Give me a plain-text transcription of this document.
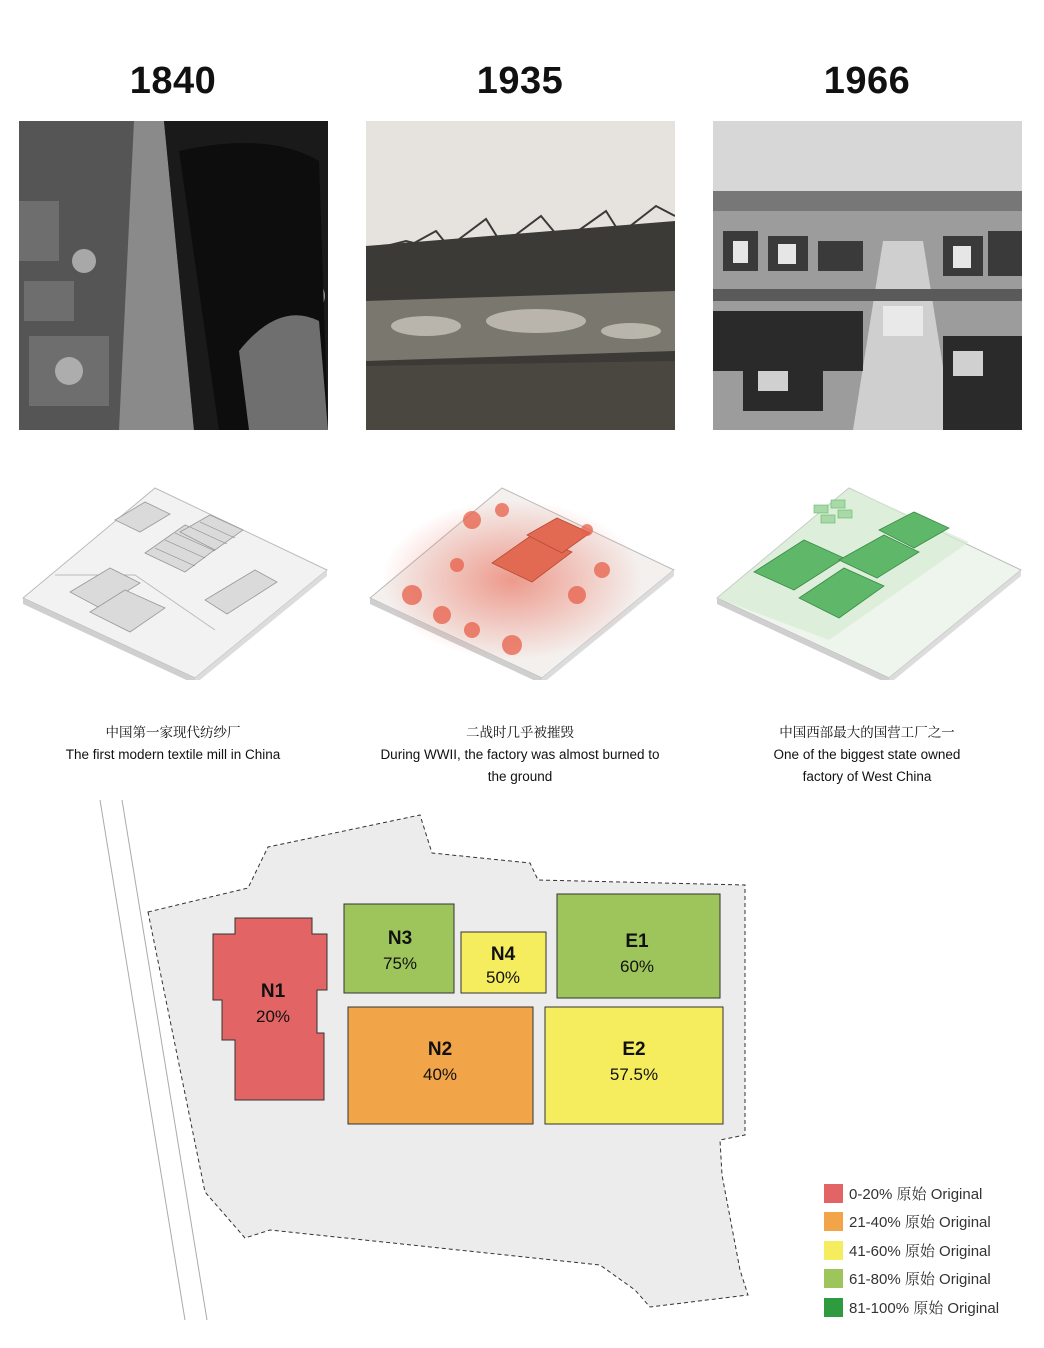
1840	1935	1966
中国第一家现代纺纱厂
The first modern textile mill in China
二战时几乎被摧毁
During WWII, the factory was almost burned to the ground
中国西部最大的国营工厂之一
One of the biggest state owned factory of West China
N1
20%
N3
75%	N4
50%
E1
60%
N2
40%
E2
57.5%
0-20% 原始 Original
21-40% 原始 Original
41-60% 原始 Original
61-80% 原始 Original
81-100% 原始 Original
